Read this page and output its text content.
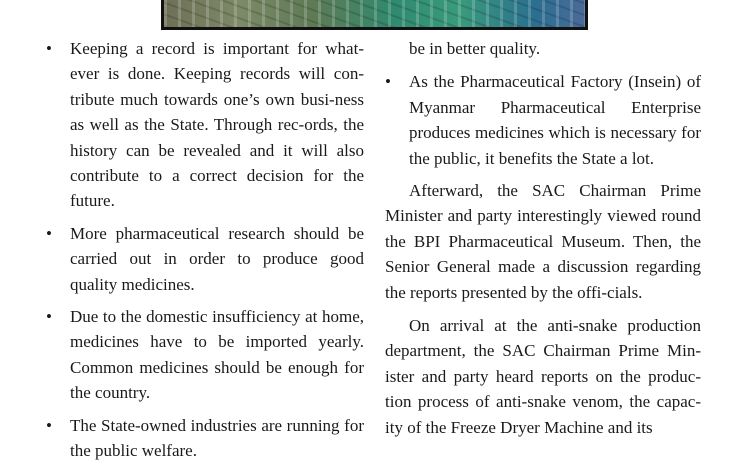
• Keeping a record is important for what-ever is done. Keeping records will con-tribute much towards one’s own busi-ness as well as the State. Through rec-ords, the history can be revealed and it will also contribute to a correct decision for the future.

• More pharmaceutical research should be carried out in order to produce good quality medicines.

• Due to the domestic insufficiency at home, medicines have to be imported yearly. Common medicines should be enough for the country.

• The State-owned industries are running for the public welfare.

be in better quality.

• As the Pharmaceutical Factory (Insein) of Myanmar Pharmaceutical Enterprise produces medicines which is necessary for the public, it benefits the State a lot.

Afterward, the SAC Chairman Prime Minister and party interestingly viewed round the BPI Pharmaceutical Museum. Then, the Senior General made a discussion regarding the reports presented by the offi-cials.

On arrival at the anti-snake production department, the SAC Chairman Prime Min-ister and party heard reports on the produc-tion process of anti-snake venom, the capac-ity of the Freeze Dryer Machine and its
